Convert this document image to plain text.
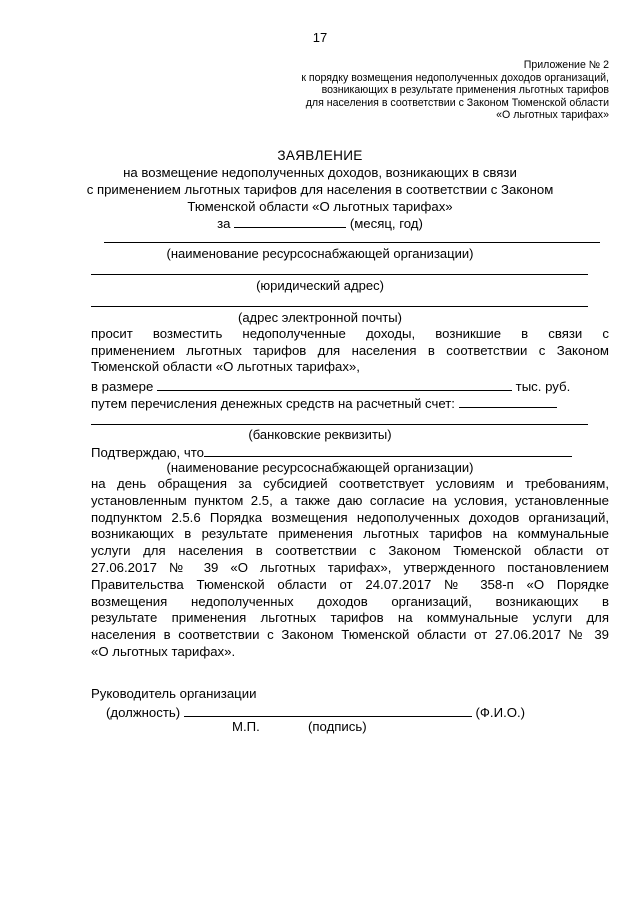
17
Приложение № 2
к порядку возмещения недополученных доходов организаций,
возникающих в результате применения льготных тарифов
для населения в соответствии с Законом Тюменской области
«О льготных тарифах»
ЗАЯВЛЕНИЕ
на возмещение недополученных доходов, возникающих в связи
с применением льготных тарифов для населения в соответствии с Законом
Тюменской области «О льготных тарифах»
за	(месяц, год)
(наименование ресурсоснабжающей организации)
(юридический адрес)
(адрес электронной почты)
просит возместить недополученные доходы, возникшие в связи с
применением льготных тарифов для населения в соответствии с Законом
Тюменской области «О льготных тарифах»,
в размере	тыс. руб.
путем перечисления денежных средств на расчетный счет:
(банковские реквизиты)
Подтверждаю, что
(наименование ресурсоснабжающей организации)
на день обращения за субсидией соответствует условиям и требованиям,
установленным пунктом 2.5, а также даю согласие на условия, установленные
подпунктом 2.5.6 Порядка возмещения недополученных доходов организаций,
возникающих в результате применения льготных тарифов на коммунальные
услуги для населения в соответствии с Законом Тюменской области от
27.06.2017 № 39 «О льготных тарифах», утвержденного постановлением
Правительства Тюменской области от 24.07.2017 № 358-п «О Порядке
возмещения недополученных доходов организаций, возникающих в
результате применения льготных тарифов на коммунальные услуги для
населения в соответствии с Законом Тюменской области от 27.06.2017 № 39
«О льготных тарифах».
Руководитель организации
(должность)	(Ф.И.О.)
М.П.	(подпись)
